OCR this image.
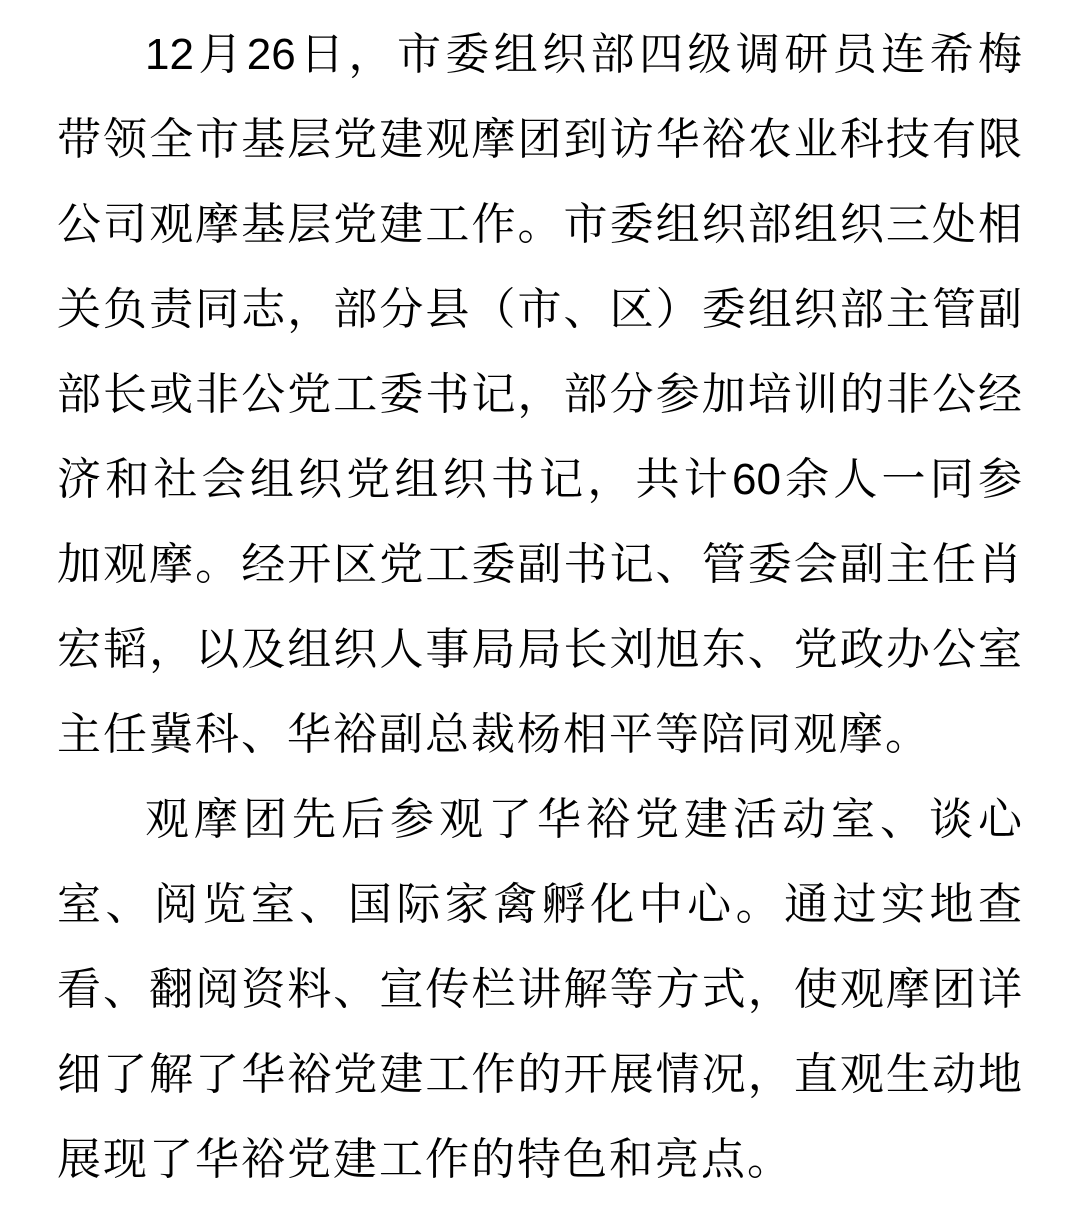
12月26日，市委组织部四级调研员连希梅
带领全市基层党建观摩团到访华裕农业科技有限
公司观摩基层党建工作。市委组织部组织三处相
关负责同志，部分县（市、区）委组织部主管副
部长或非公党工委书记，部分参加培训的非公经
济和社会组织党组织书记，共计60余人一同参
加观摩。经开区党工委副书记、管委会副主任肖
宏韬，以及组织人事局局长刘旭东、党政办公室
主任冀科、华裕副总裁杨相平等陪同观摩。
观摩团先后参观了华裕党建活动室、谈心
室、阅览室、国际家禽孵化中心。通过实地查
看、翻阅资料、宣传栏讲解等方式，使观摩团详
细了解了华裕党建工作的开展情况，直观生动地
展现了华裕党建工作的特色和亮点。
